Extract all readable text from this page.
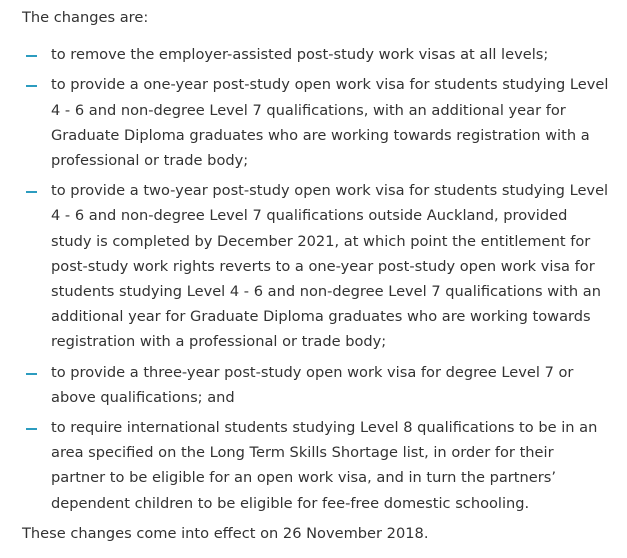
The changes are:

to remove the employer-assisted post-study work visas at all levels;
to provide a one-year post-study open work visa for students studying Level 4 - 6 and non-degree Level 7 qualifications, with an additional year for Graduate Diploma graduates who are working towards registration with a professional or trade body;
to provide a two-year post-study open work visa for students studying Level 4 - 6 and non-degree Level 7 qualifications outside Auckland, provided study is completed by December 2021, at which point the entitlement for post-study work rights reverts to a one-year post-study open work visa for students studying Level 4 - 6 and non-degree Level 7 qualifications with an additional year for Graduate Diploma graduates who are working towards registration with a professional or trade body;
to provide a three-year post-study open work visa for degree Level 7 or above qualifications; and
to require international students studying Level 8 qualifications to be in an area specified on the Long Term Skills Shortage list, in order for their partner to be eligible for an open work visa, and in turn the partners’ dependent children to be eligible for fee-free domestic schooling.

These changes come into effect on 26 November 2018.
